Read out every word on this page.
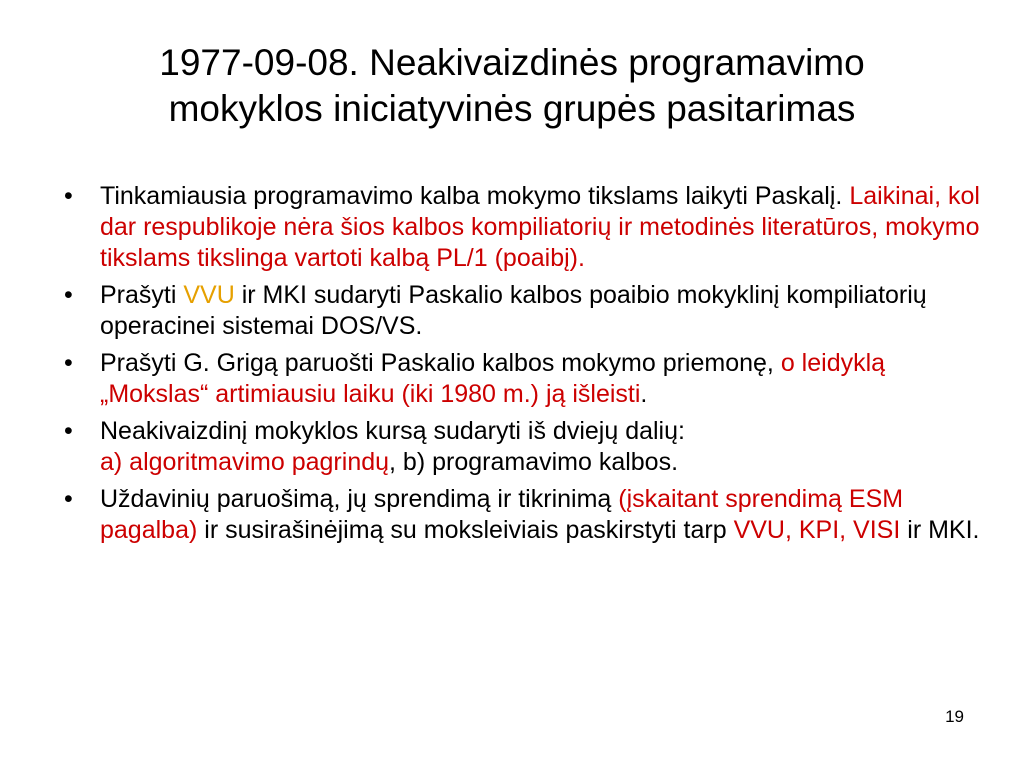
1977-09-08. Neakivaizdinės programavimo
mokyklos iniciatyvinės grupės pasitarimas
• Tinkamiausia programavimo kalba mokymo tikslams laikyti Paskalį. Laikinai, kol dar respublikoje nėra šios kalbos kompiliatorių ir metodinės literatūros, mokymo tikslams tikslinga vartoti kalbą PL/1 (poaibį).
• Prašyti VVU ir MKI sudaryti Paskalio kalbos poaibio mokyklinį kompiliatorių operacinei sistemai DOS/VS.
• Prašyti G. Grigą paruošti Paskalio kalbos mokymo priemonę, o leidyklą „Mokslas“ artimiausiu laiku (iki 1980 m.) ją išleisti.
• Neakivaizdinį mokyklos kursą sudaryti iš dviejų dalių:
a) algoritmavimo pagrindų, b) programavimo kalbos.
• Uždavinių paruošimą, jų sprendimą ir tikrinimą (įskaitant sprendimą ESM pagalba) ir susirašinėjimą su moksleiviais paskirstyti tarp VVU, KPI, VISI ir MKI.
19
